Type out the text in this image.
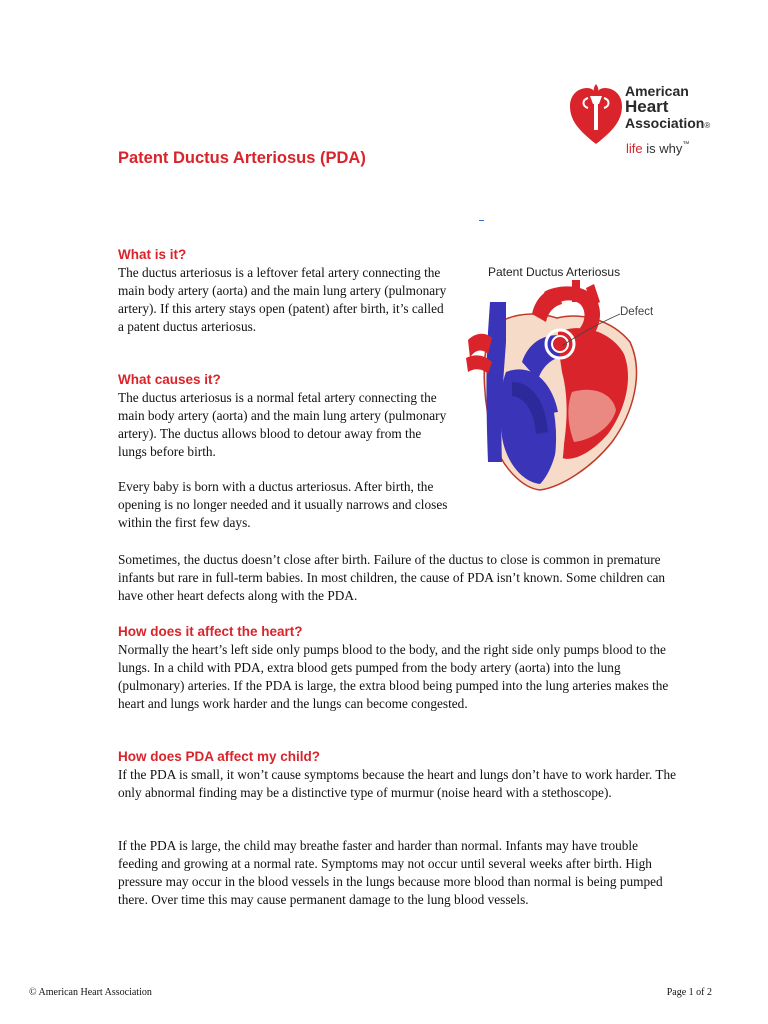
Patent Ductus Arteriosus (PDA)
American
Heart
Association®
life is why™
What is it?

The ductus arteriosus is a leftover fetal artery connecting the main body artery (aorta) and the main lung artery (pulmonary artery). If this artery stays open (patent) after birth, it’s called a patent ductus arteriosus.

What causes it?

The ductus arteriosus is a normal fetal artery connecting the main body artery (aorta) and the main lung artery (pulmonary artery). The ductus allows blood to detour away from the lungs before birth.

Every baby is born with a ductus arteriosus. After birth, the opening is no longer needed and it usually narrows and closes within the first few days.

Sometimes, the ductus doesn’t close after birth. Failure of the ductus to close is common in premature infants but rare in full-term babies. In most children, the cause of PDA isn’t known. Some children can have other heart defects along with the PDA.

Patent Ductus Arteriosus
Defect
How does it affect the heart?

Normally the heart’s left side only pumps blood to the body, and the right side only pumps blood to the lungs. In a child with PDA, extra blood gets pumped from the body artery (aorta) into the lung (pulmonary) arteries. If the PDA is large, the extra blood being pumped into the lung arteries makes the heart and lungs work harder and the lungs can become congested.

How does PDA affect my child?

If the PDA is small, it won’t cause symptoms because the heart and lungs don’t have to work harder. The only abnormal finding may be a distinctive type of murmur (noise heard with a stethoscope).

If the PDA is large, the child may breathe faster and harder than normal. Infants may have trouble feeding and growing at a normal rate. Symptoms may not occur until several weeks after birth. High pressure may occur in the blood vessels in the lungs because more blood than normal is being pumped there. Over time this may cause permanent damage to the lung blood vessels.

© American Heart Association	Page 1 of 2
